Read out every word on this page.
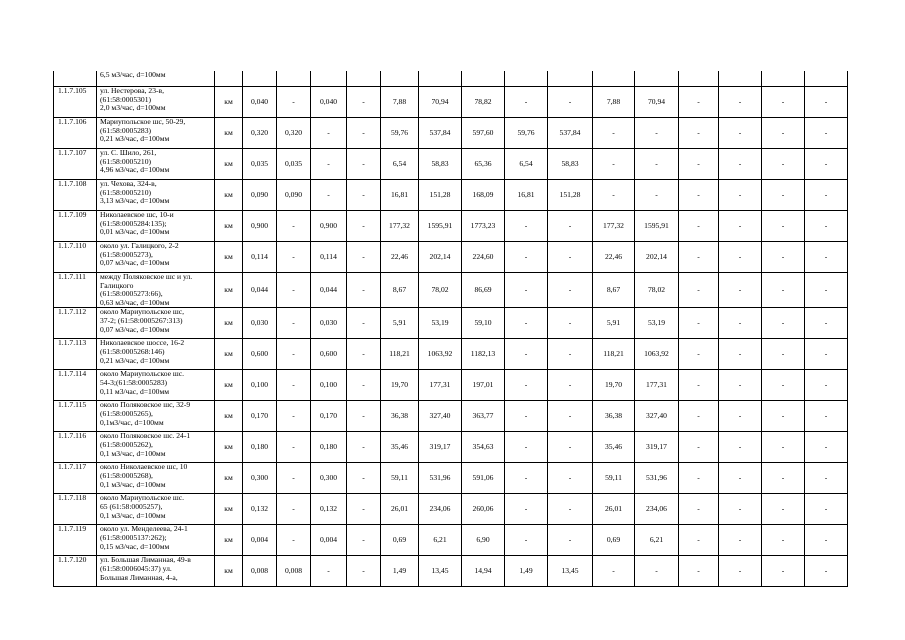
	6,5 м3/час, d=100мм																

1.1.7.105	ул. Нестерова, 23-в,
(61:58:0005301)
2,0 м3/час, d=100мм	км	0,040	-	0,040	-	7,88	70,94	78,82	-	-	7,88	70,94	-	-	-	-
1.1.7.106	Мариупольское шс, 50-29,
(61:58:0005283)
0,21 м3/час, d=100мм	км	0,320	0,320	-	-	59,76	537,84	597,60	59,76	537,84	-	-	-	-	-	-
1.1.7.107	ул. С. Шило, 261,
(61:58:0005210)
4,96 м3/час, d=100мм	км	0,035	0,035	-	-	6,54	58,83	65,36	6,54	58,83	-	-	-	-	-	-
1.1.7.108	ул. Чехова, 324-в,
(61:58:0005210)
3,13 м3/час, d=100мм	км	0,090	0,090	-	-	16,81	151,28	168,09	16,81	151,28	-	-	-	-	-	-
1.1.7.109	Николаевское шс, 10-и
(61:58:0005284:135);
0,01 м3/час, d=100мм	км	0,900	-	0,900	-	177,32	1595,91	1773,23	-	-	177,32	1595,91	-	-	-	-
1.1.7.110	около ул. Галицкого, 2-2
(61:58:0005273),
0,07 м3/час, d=100мм	км	0,114	-	0,114	-	22,46	202,14	224,60	-	-	22,46	202,14	-	-	-	-
1.1.7.111	между Поляковское шс и ул.
Галицкого
(61:58:0005273:66),
0,63 м3/час, d=100мм	км	0,044	-	0,044	-	8,67	78,02	86,69	-	-	8,67	78,02	-	-	-	-
1.1.7.112	около Мариупольское шс,
37-2; (61:58:0005267:313)
0,07 м3/час, d=100мм	км	0,030	-	0,030	-	5,91	53,19	59,10	-	-	5,91	53,19	-	-	-	-
1.1.7.113	Николаевское шоссе, 16-2
(61:58:0005268:146)
0,21 м3/час, d=100мм	км	0,600	-	0,600	-	118,21	1063,92	1182,13	-	-	118,21	1063,92	-	-	-	-
1.1.7.114	около Мариупольское шс.
54-3;(61:58:0005283)
0,11 м3/час, d=100мм	км	0,100	-	0,100	-	19,70	177,31	197,01	-	-	19,70	177,31	-	-	-	-
1.1.7.115	около Поляковское шс, 32-9
(61:58:0005265),
0,1м3/час, d=100мм	км	0,170	-	0,170	-	36,38	327,40	363,77	-	-	36,38	327,40	-	-	-	-
1.1.7.116	около Поляковское шс. 24-1
(61:58:0005262),
0,1 м3/час, d=100мм	км	0,180	-	0,180	-	35,46	319,17	354,63	-	-	35,46	319,17	-	-	-	-
1.1.7.117	около Николаевское шс, 10
(61:58:0005268),
0,1 м3/час, d=100мм	км	0,300	-	0,300	-	59,11	531,96	591,06	-	-	59,11	531,96	-	-	-	-
1.1.7.118	около Мариупольское шс.
65 (61:58:0005257),
0,1 м3/час, d=100мм	км	0,132	-	0,132	-	26,01	234,06	260,06	-	-	26,01	234,06	-	-	-	-
1.1.7.119	около ул. Менделеева, 24-1
(61:58:0005137:262);
0,15 м3/час, d=100мм	км	0,004	-	0,004	-	0,69	6,21	6,90	-	-	0,69	6,21	-	-	-	-
1.1.7.120	ул. Большая Лиманная, 49-в
(61:58:0006045:37) ул.
Большая Лиманная, 4-а,	км	0,008	0,008	-	-	1,49	13,45	14,94	1,49	13,45	-	-	-	-	-	-
